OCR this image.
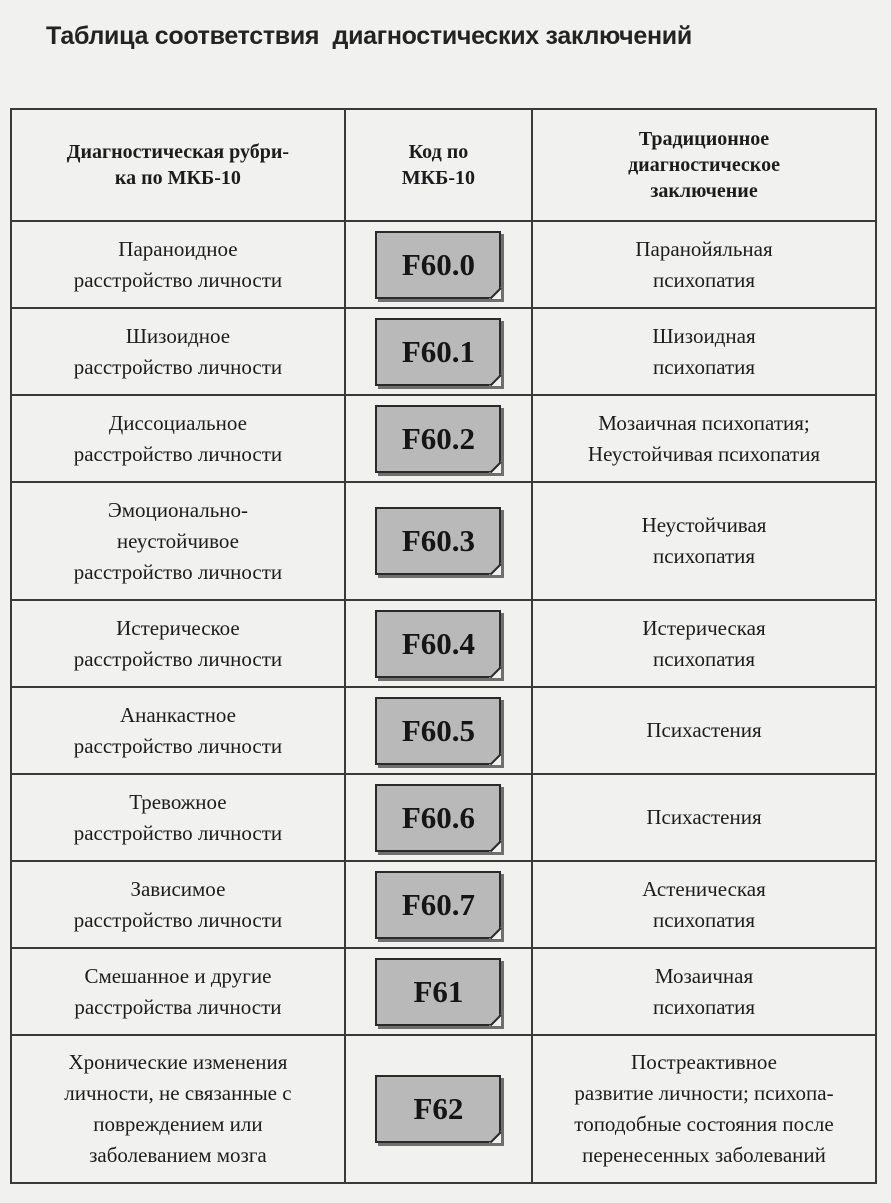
Таблица соответствия  диагностических заключений
Диагностическая рубри-
ка по МКБ-10	Код по
МКБ-10	Традиционное
диагностическое
заключение
Параноидное
расстройство личности	F60.0	Паранойяльная
психопатия
Шизоидное
расстройство личности	F60.1	Шизоидная
психопатия
Диссоциальное
расстройство личности	F60.2	Мозаичная психопатия;
Неустойчивая психопатия
Эмоционально-
неустойчивое
расстройство личности	F60.3	Неустойчивая
психопатия
Истерическое
расстройство личности	F60.4	Истерическая
психопатия
Ананкастное
расстройство личности	F60.5	Психастения
Тревожное
расстройство личности	F60.6	Психастения
Зависимое
расстройство личности	F60.7	Астеническая
психопатия
Смешанное и другие
расстройства личности	F61	Мозаичная
психопатия
Хронические изменения
личности, не связанные с
повреждением или
заболеванием мозга	F62	Постреактивное
развитие личности; психопа-
топодобные состояния после
перенесенных заболеваний
